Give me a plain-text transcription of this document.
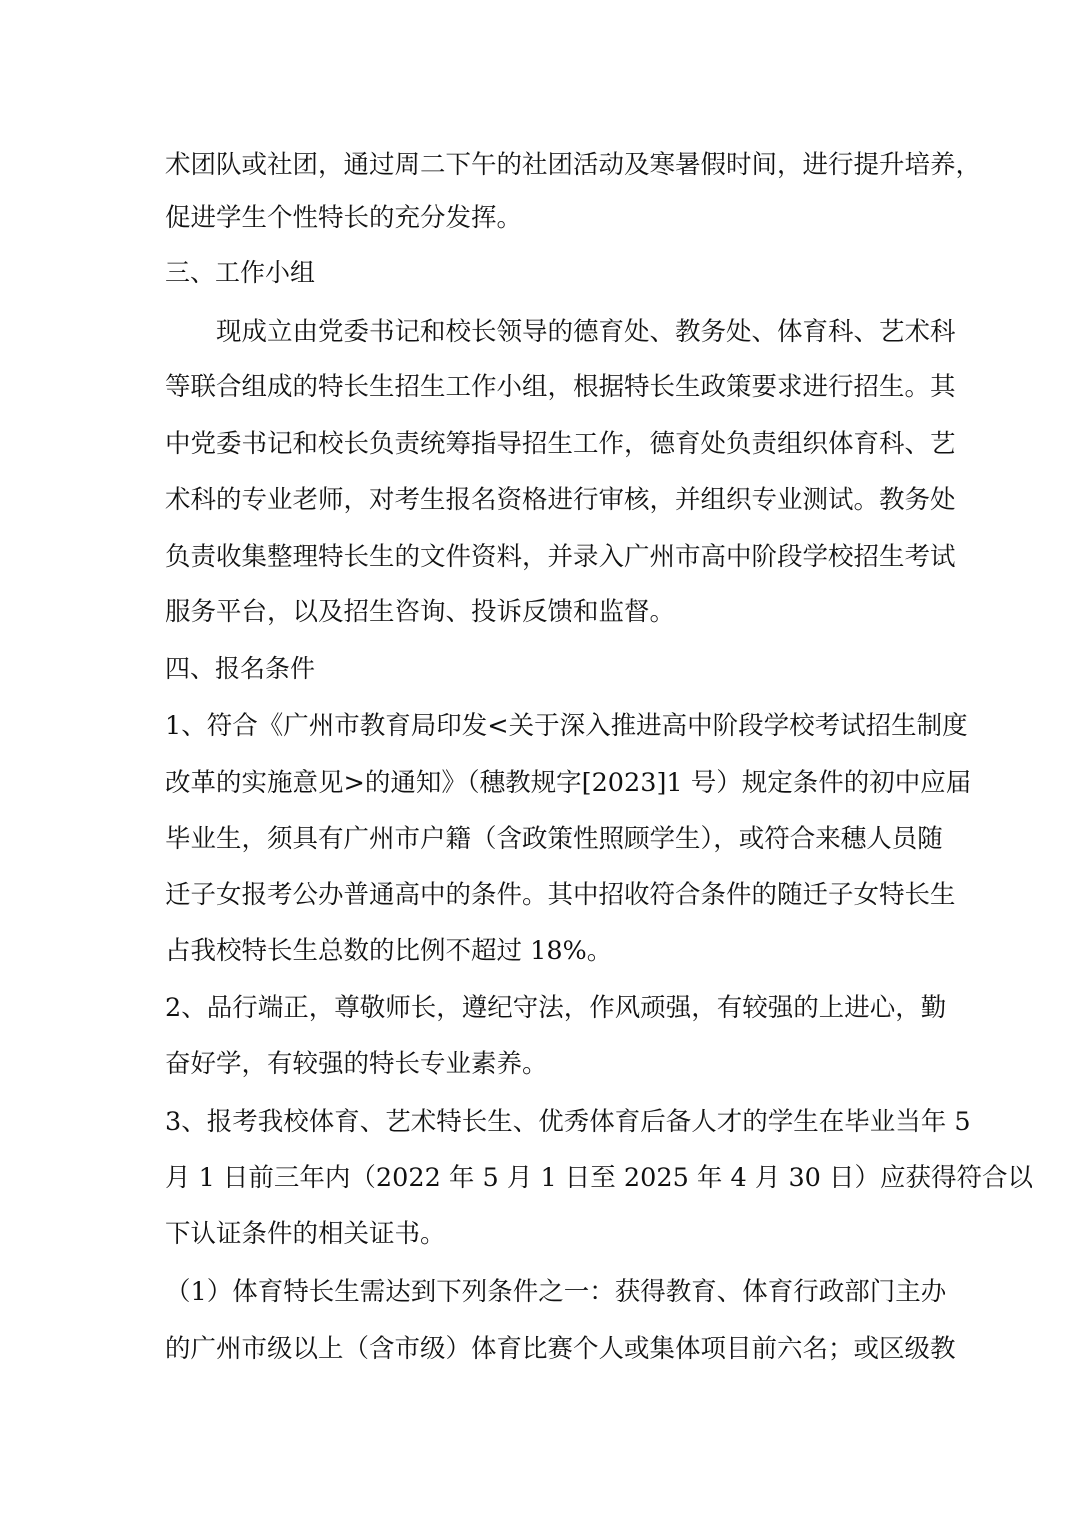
术团队或社团，通过周二下午的社团活动及寒暑假时间，进行提升培养，
促进学生个性特长的充分发挥。
三、工作小组
现成立由党委书记和校长领导的德育处、教务处、体育科、艺术科
等联合组成的特长生招生工作小组，根据特长生政策要求进行招生。其
中党委书记和校长负责统筹指导招生工作，德育处负责组织体育科、艺
术科的专业老师，对考生报名资格进行审核，并组织专业测试。教务处
负责收集整理特长生的文件资料，并录入广州市高中阶段学校招生考试
服务平台，以及招生咨询、投诉反馈和监督。
四、报名条件
1、符合《广州市教育局印发<关于深入推进高中阶段学校考试招生制度
改革的实施意见>的通知》（穗教规字[2023]1 号）规定条件的初中应届
毕业生，须具有广州市户籍（含政策性照顾学生），或符合来穗人员随
迁子女报考公办普通高中的条件。其中招收符合条件的随迁子女特长生
占我校特长生总数的比例不超过 18%。
2、品行端正，尊敬师长，遵纪守法，作风顽强，有较强的上进心，勤
奋好学，有较强的特长专业素养。
3、报考我校体育、艺术特长生、优秀体育后备人才的学生在毕业当年 5
月 1 日前三年内（2022 年 5 月 1 日至 2025 年 4 月 30 日）应获得符合以
下认证条件的相关证书。
（1）体育特长生需达到下列条件之一：获得教育、体育行政部门主办
的广州市级以上（含市级）体育比赛个人或集体项目前六名；或区级教
